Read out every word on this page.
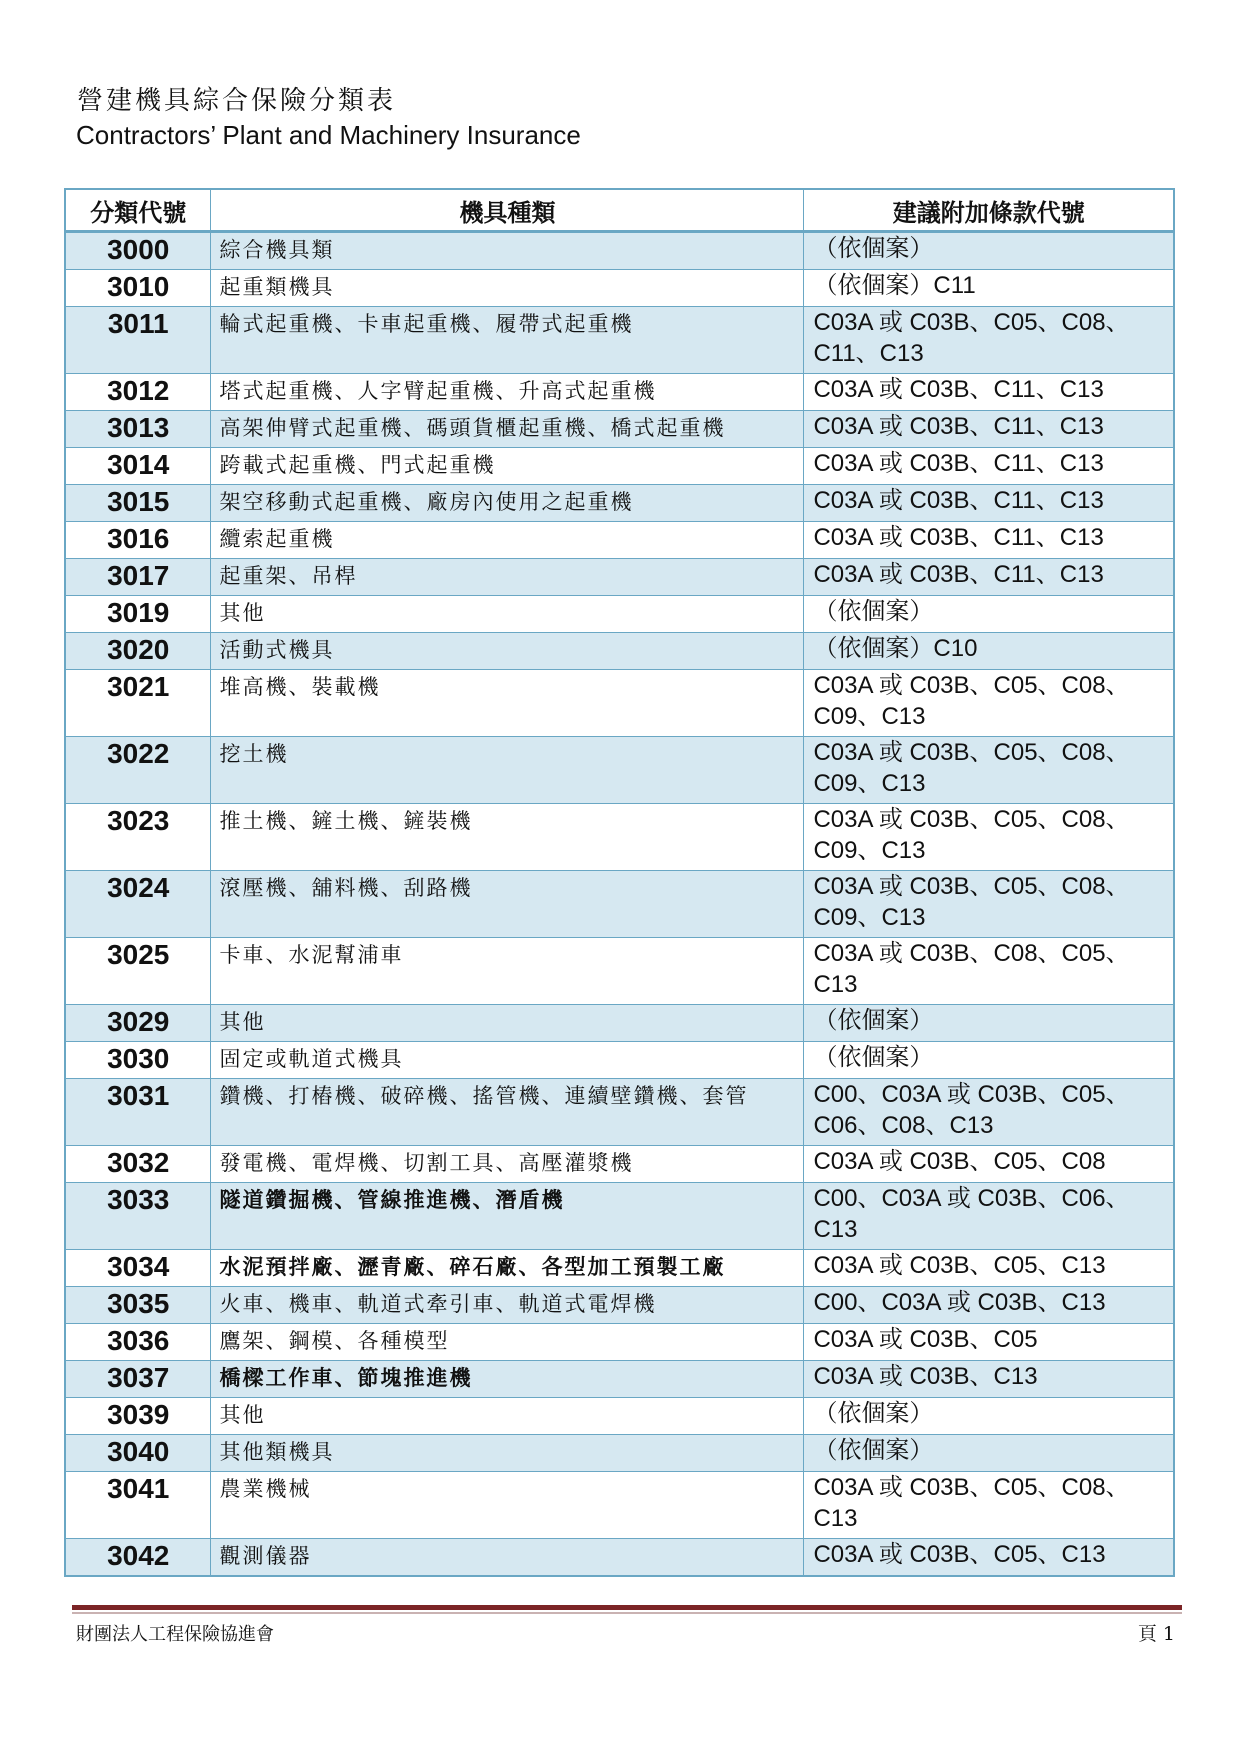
營建機具綜合保險分類表
Contractors’ Plant and Machinery Insurance
分類代號	機具種類	建議附加條款代號
3000	綜合機具類	（依個案）

3010	起重類機具	（依個案）C11

3011	輪式起重機、卡車起重機、履帶式起重機	C03A 或 C03B、C05、C08、
C11、C13

3012	塔式起重機、人字臂起重機、升高式起重機	C03A 或 C03B、C11、C13

3013	高架伸臂式起重機、碼頭貨櫃起重機、橋式起重機	C03A 或 C03B、C11、C13

3014	跨載式起重機、門式起重機	C03A 或 C03B、C11、C13

3015	架空移動式起重機、廠房內使用之起重機	C03A 或 C03B、C11、C13

3016	纜索起重機	C03A 或 C03B、C11、C13

3017	起重架、吊桿	C03A 或 C03B、C11、C13

3019	其他	（依個案）

3020	活動式機具	（依個案）C10

3021	堆高機、裝載機	C03A 或 C03B、C05、C08、
C09、C13

3022	挖土機	C03A 或 C03B、C05、C08、
C09、C13

3023	推土機、鏟土機、鏟裝機	C03A 或 C03B、C05、C08、
C09、C13

3024	滾壓機、舖料機、刮路機	C03A 或 C03B、C05、C08、
C09、C13

3025	卡車、水泥幫浦車	C03A 或 C03B、C08、C05、
C13

3029	其他	（依個案）

3030	固定或軌道式機具	（依個案）

3031	鑽機、打樁機、破碎機、搖管機、連續壁鑽機、套管	C00、C03A 或 C03B、C05、
C06、C08、C13

3032	發電機、電焊機、切割工具、高壓灌漿機	C03A 或 C03B、C05、C08

3033	隧道鑽掘機、管線推進機、潛盾機	C00、C03A 或 C03B、C06、
C13

3034	水泥預拌廠、瀝青廠、碎石廠、各型加工預製工廠	C03A 或 C03B、C05、C13

3035	火車、機車、軌道式牽引車、軌道式電焊機	C00、C03A 或 C03B、C13

3036	鷹架、鋼模、各種模型	C03A 或 C03B、C05

3037	橋樑工作車、節塊推進機	C03A 或 C03B、C13

3039	其他	（依個案）

3040	其他類機具	（依個案）

3041	農業機械	C03A 或 C03B、C05、C08、
C13

3042	觀測儀器	C03A 或 C03B、C05、C13
財團法人工程保險協進會	頁 1
